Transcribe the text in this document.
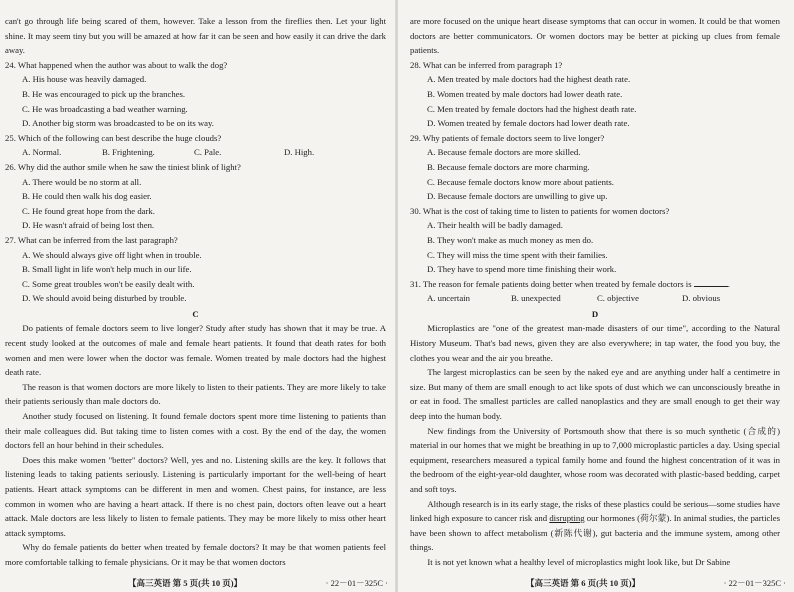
can't go through life being scared of them, however. Take a lesson from the fireflies then. Let your light shine. It may seem tiny but you will be amazed at how far it can be seen and how easily it can drive the dark away.

24. What happened when the author was about to walk the dog?

A. His house was heavily damaged.

B. He was encouraged to pick up the branches.

C. He was broadcasting a bad weather warning.

D. Another big storm was broadcasted to be on its way.

25. Which of the following can best describe the huge clouds?

A. Normal.	B. Frightening.	C. Pale.	D. High.

26. Why did the author smile when he saw the tiniest blink of light?

A. There would be no storm at all.

B. He could then walk his dog easier.

C. He found great hope from the dark.

D. He wasn't afraid of being lost then.

27. What can be inferred from the last paragraph?

A. We should always give off light when in trouble.

B. Small light in life won't help much in our life.

C. Some great troubles won't be easily dealt with.

D. We should avoid being disturbed by trouble.

C

Do patients of female doctors seem to live longer? Study after study has shown that it may be true. A recent study looked at the outcomes of male and female heart patients. It found that death rates for both women and men were lower when the doctor was female. Women treated by male doctors had the highest death rate.

The reason is that women doctors are more likely to listen to their patients. They are more likely to take their patients seriously than male doctors do.

Another study focused on listening. It found female doctors spent more time listening to patients than their male colleagues did. But taking time to listen comes with a cost. By the end of the day, the women doctors fell an hour behind in their schedules.

Does this make women "better" doctors? Well, yes and no. Listening skills are the key. It follows that listening leads to taking patients seriously. Listening is particularly important for the well-being of heart patients. Heart attack symptoms can be different in men and women. Chest pains, for instance, are less common in women who are having a heart attack. If there is no chest pain, doctors often leave out a heart attack. Male doctors are less likely to listen to female patients. They may be more likely to miss other heart attack symptoms.

Why do female patients do better when treated by female doctors? It may be that women patients feel more comfortable talking to female physicians. Or it may be that women doctors

【高三英语 第 5 页(共 10 页)】	· 22－01－325C ·

are more focused on the unique heart disease symptoms that can occur in women. It could be that women doctors are better communicators. Or women doctors may be better at picking up clues from female patients.

28. What can be inferred from paragraph 1?

A. Men treated by male doctors had the highest death rate.

B. Women treated by male doctors had lower death rate.

C. Men treated by female doctors had the highest death rate.

D. Women treated by female doctors had lower death rate.

29. Why patients of female doctors seem to live longer?

A. Because female doctors are more skilled.

B. Because female doctors are more charming.

C. Because female doctors know more about patients.

D. Because female doctors are unwilling to give up.

30. What is the cost of taking time to listen to patients for women doctors?

A. Their health will be badly damaged.

B. They won't make as much money as men do.

C. They will miss the time spent with their families.

D. They have to spend more time finishing their work.

31. The reason for female patients doing better when treated by female doctors is	.

A. uncertain	B. unexpected	C. objective	D. obvious

D

Microplastics are "one of the greatest man-made disasters of our time", according to the Natural History Museum. That's bad news, given they are also everywhere; in tap water, the food you buy, the clothes you wear and the air you breathe.

The largest microplastics can be seen by the naked eye and are anything under half a centimetre in size. But many of them are small enough to act like spots of dust which we can unconsciously breathe in or eat in food. The smallest particles are called nanoplastics and they are small enough to get their way deep into the human body.

New findings from the University of Portsmouth show that there is so much synthetic (合成的) material in our homes that we might be breathing in up to 7,000 microplastic particles a day. Using special equipment, researchers measured a typical family home and found the highest concentration of it was in the bedroom of the eight-year-old daughter, whose room was decorated with plastic-based bedding, carpet and soft toys.

Although research is in its early stage, the risks of these plastics could be serious—some studies have linked high exposure to cancer risk and disrupting our hormones (荷尔蒙). In animal studies, the particles have been shown to affect metabolism (新陈代谢), gut bacteria and the immune system, among other things.

It is not yet known what a healthy level of microplastics might look like, but Dr Sabine

【高三英语 第 6 页(共 10 页)】	· 22－01－325C ·
